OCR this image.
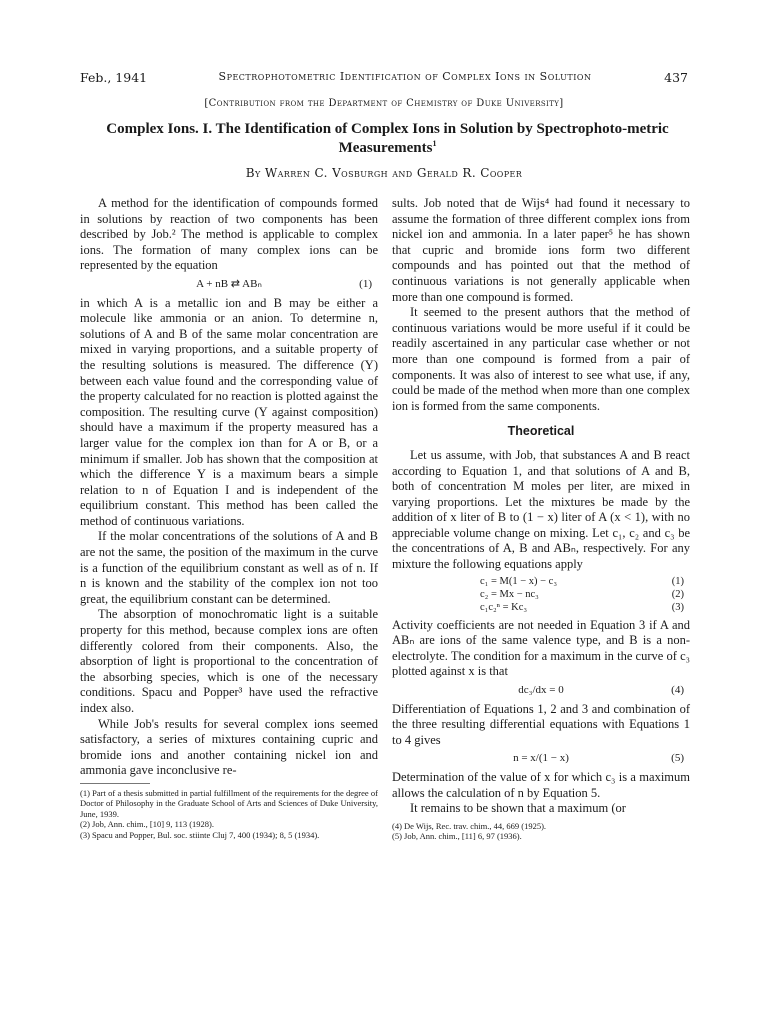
Feb., 1941	Spectrophotometric Identification of Complex Ions in Solution	437
[Contribution from the Department of Chemistry of Duke University]
Complex Ions. I. The Identification of Complex Ions in Solution by Spectrophoto-metric Measurements$^1$
By Warren C. Vosburgh and Gerald R. Cooper

A method for the identification of compounds formed in solutions by reaction of two components has been described by Job.² The method is applicable to complex ions. The formation of many complex ions can be represented by the equation

A + nB ⇄ ABₙ	(1)

in which A is a metallic ion and B may be either a molecule like ammonia or an anion. To determine n, solutions of A and B of the same molar concentration are mixed in varying proportions, and a suitable property of the resulting solutions is measured. The difference (Y) between each value found and the corresponding value of the property calculated for no reaction is plotted against the composition. The resulting curve (Y against composition) should have a maximum if the property measured has a larger value for the complex ion than for A or B, or a minimum if smaller. Job has shown that the composition at which the difference Y is a maximum bears a simple relation to n of Equation I and is independent of the equilibrium constant. This method has been called the method of continuous variations.

If the molar concentrations of the solutions of A and B are not the same, the position of the maximum in the curve is a function of the equilibrium constant as well as of n. If n is known and the stability of the complex ion not too great, the equilibrium constant can be determined.

The absorption of monochromatic light is a suitable property for this method, because complex ions are often differently colored from their components. Also, the absorption of light is proportional to the concentration of the absorbing species, which is one of the necessary conditions. Spacu and Popper³ have used the refractive index also.

While Job's results for several complex ions seemed satisfactory, a series of mixtures containing cupric and bromide ions and another containing nickel ion and ammonia gave inconclusive re-

(1) Part of a thesis submitted in partial fulfillment of the requirements for the degree of Doctor of Philosophy in the Graduate School of Arts and Sciences of Duke University, June, 1939.
(2) Job, Ann. chim., [10] 9, 113 (1928).
(3) Spacu and Popper, Bul. soc. stiinte Cluj 7, 400 (1934); 8, 5 (1934).

sults. Job noted that de Wijs⁴ had found it necessary to assume the formation of three different complex ions from nickel ion and ammonia. In a later paper⁵ he has shown that cupric and bromide ions form two different compounds and has pointed out that the method of continuous variations is not generally applicable when more than one compound is formed.

It seemed to the present authors that the method of continuous variations would be more useful if it could be readily ascertained in any particular case whether or not more than one compound is formed from a pair of components. It was also of interest to see what use, if any, could be made of the method when more than one complex ion is formed from the same components.

Theoretical

Let us assume, with Job, that substances A and B react according to Equation 1, and that solutions of A and B, both of concentration M moles per liter, are mixed in varying proportions. Let the mixtures be made by the addition of x liter of B to (1 − x) liter of A (x < 1), with no appreciable volume change on mixing. Let c₁, c₂ and c₃ be the concentrations of A, B and ABₙ, respectively. For any mixture the following equations apply

c₁ = M(1 − x) − c₃	(1)
c₂ = Mx − nc₃	(2)
c₁c₂ⁿ = Kc₃	(3)

Activity coefficients are not needed in Equation 3 if A and ABₙ are ions of the same valence type, and B is a non-electrolyte. The condition for a maximum in the curve of c₃ plotted against x is that

dc₃/dx = 0	(4)

Differentiation of Equations 1, 2 and 3 and combination of the three resulting differential equations with Equations 1 to 4 gives

n = x/(1 − x)	(5)

Determination of the value of x for which c₃ is a maximum allows the calculation of n by Equation 5.

It remains to be shown that a maximum (or

(4) De Wijs, Rec. trav. chim., 44, 669 (1925).
(5) Job, Ann. chim., [11] 6, 97 (1936).
